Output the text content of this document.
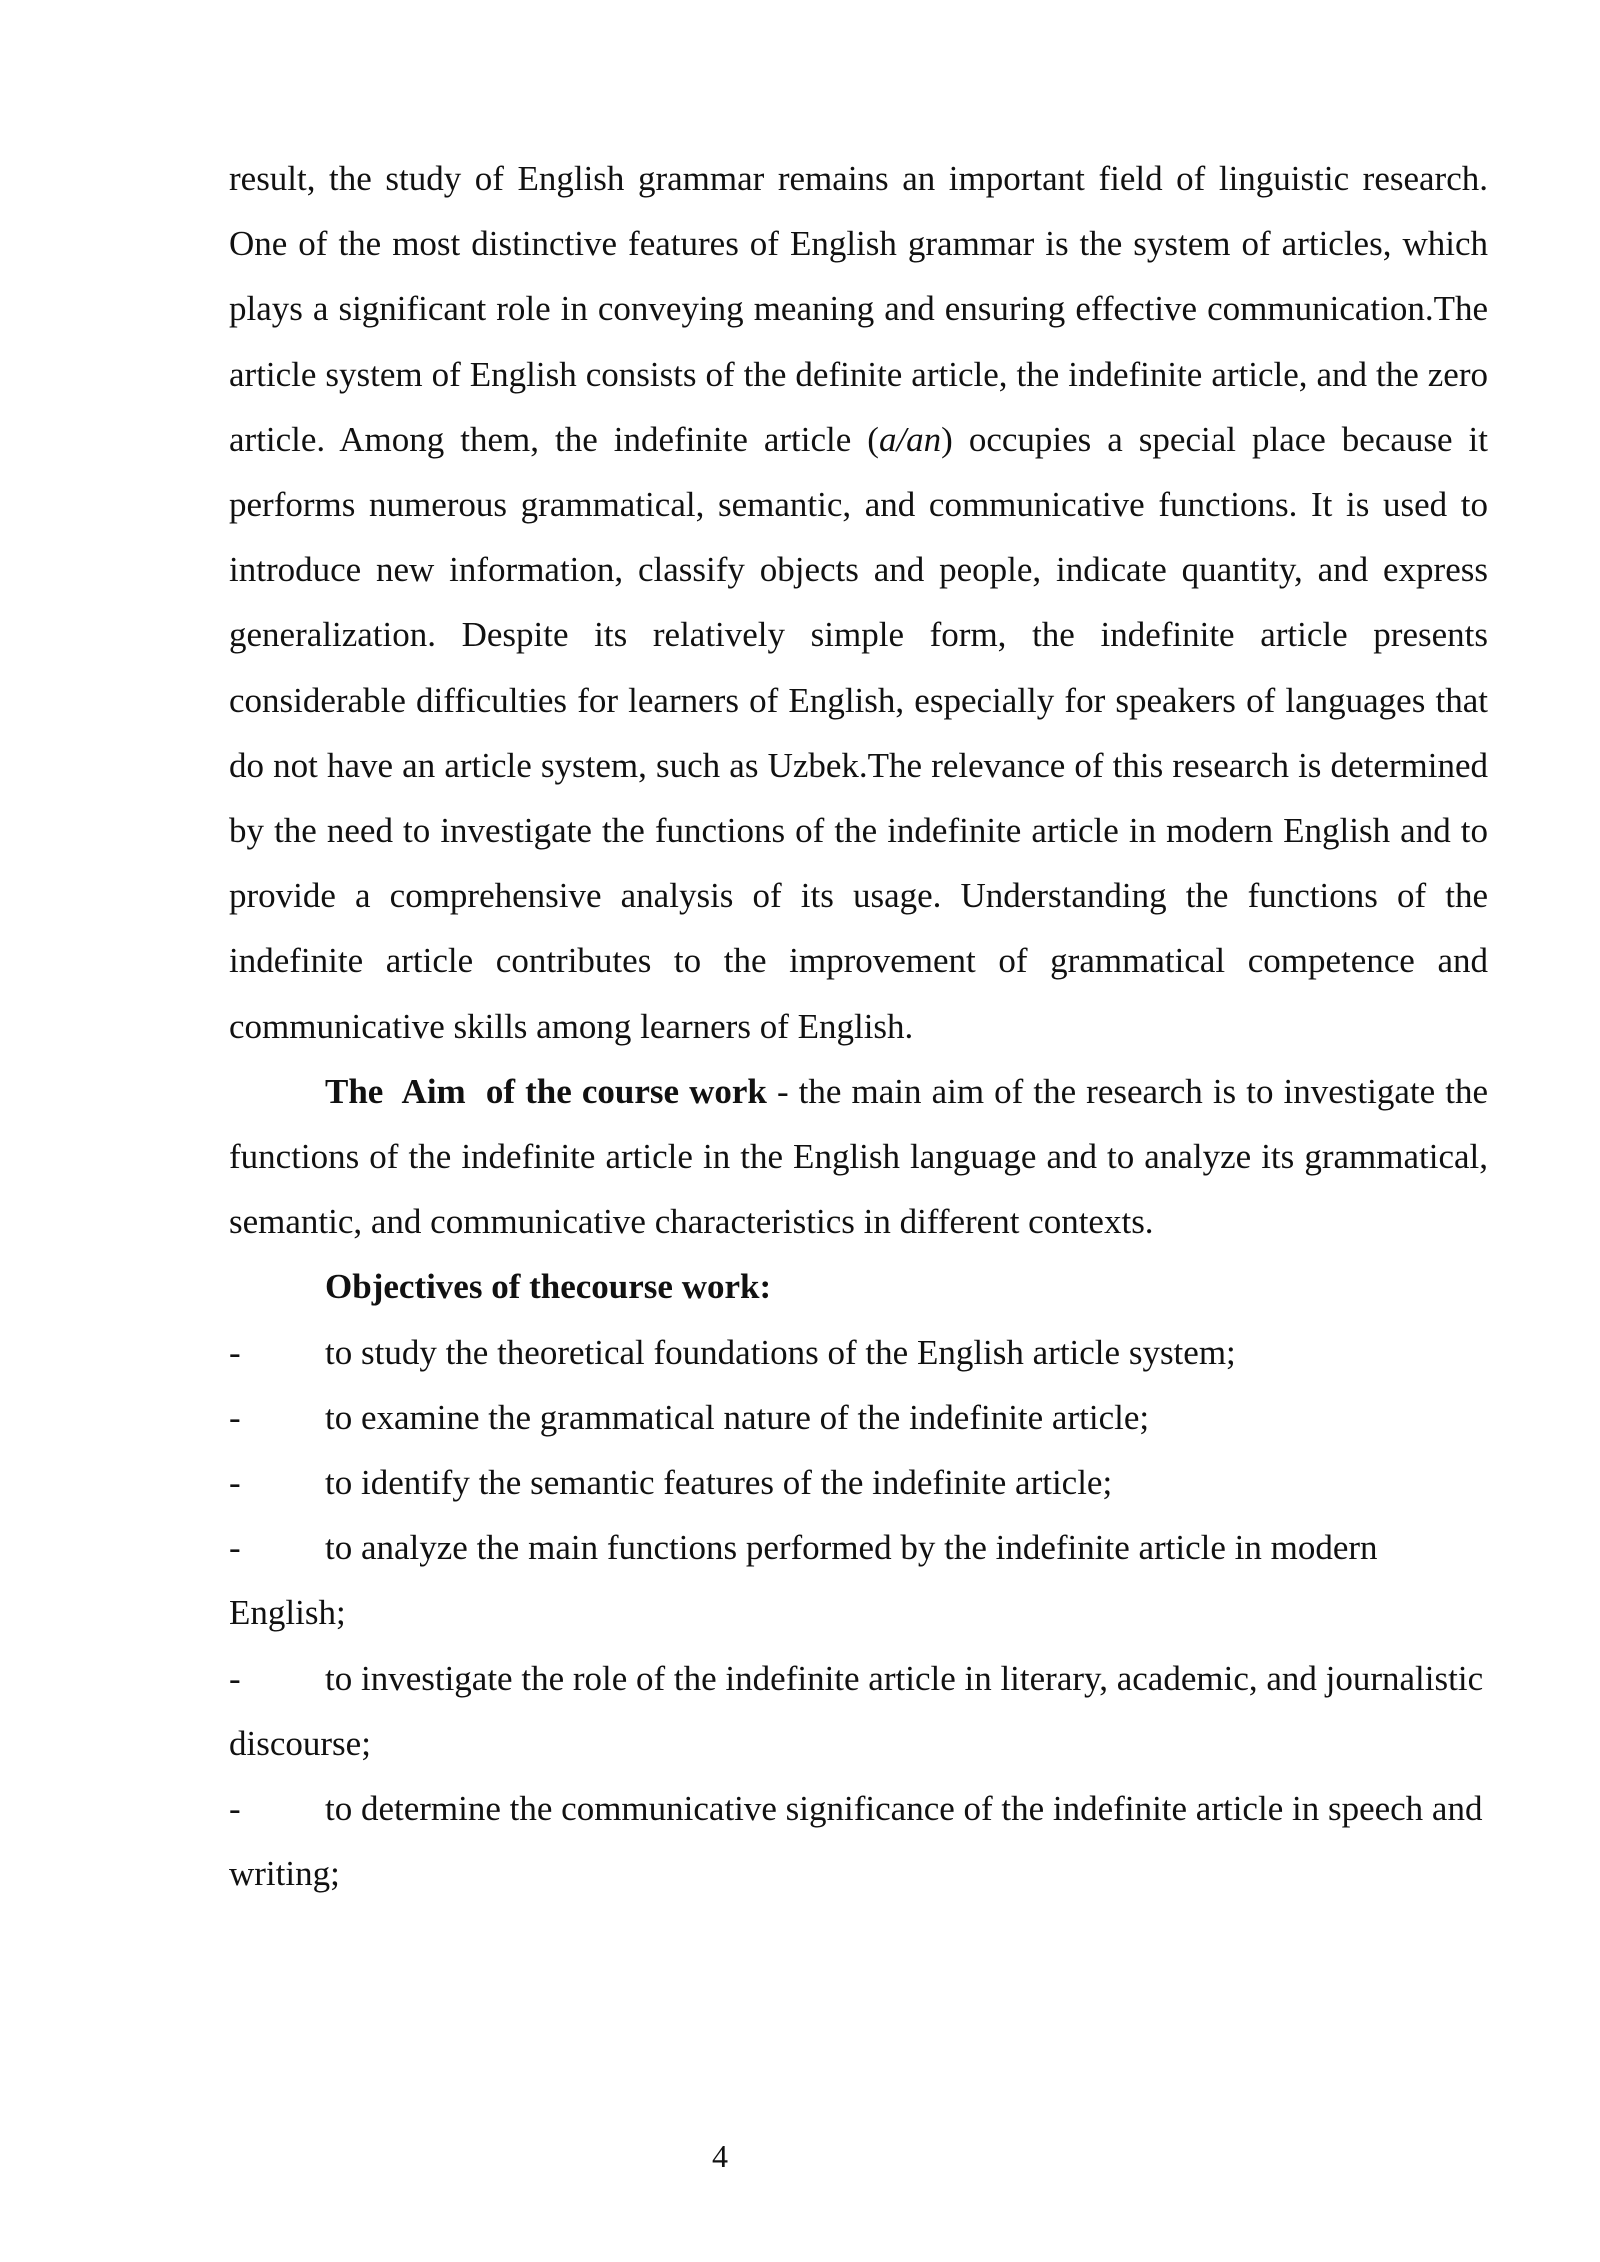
result, the study of English grammar remains an important field of linguistic research. One of the most distinctive features of English grammar is the system of articles, which plays a significant role in conveying meaning and ensuring effective communication.The article system of English consists of the definite article, the indefinite article, and the zero article. Among them, the indefinite article (a/an) occupies a special place because it performs numerous grammatical, semantic, and communicative functions. It is used to introduce new information, classify objects and people, indicate quantity, and express generalization. Despite its relatively simple form, the indefinite article presents considerable difficulties for learners of English, especially for speakers of languages that do not have an article system, such as Uzbek.The relevance of this research is determined by the need to investigate the functions of the indefinite article in modern English and to provide a comprehensive analysis of its usage. Understanding the functions of the indefinite article contributes to the improvement of grammatical competence and communicative skills among learners of English.

The  Aim  of the course work - the main aim of the research is to investigate the functions of the indefinite article in the English language and to analyze its grammatical, semantic, and communicative characteristics in different contexts.

Objectives of thecourse work:

- to study the theoretical foundations of the English article system;

- to examine the grammatical nature of the indefinite article;

- to identify the semantic features of the indefinite article;

- to analyze the main functions performed by the indefinite article in modern English;

- to investigate the role of the indefinite article in literary, academic, and journalistic discourse;

- to determine the communicative significance of the indefinite article in speech and writing;

4
